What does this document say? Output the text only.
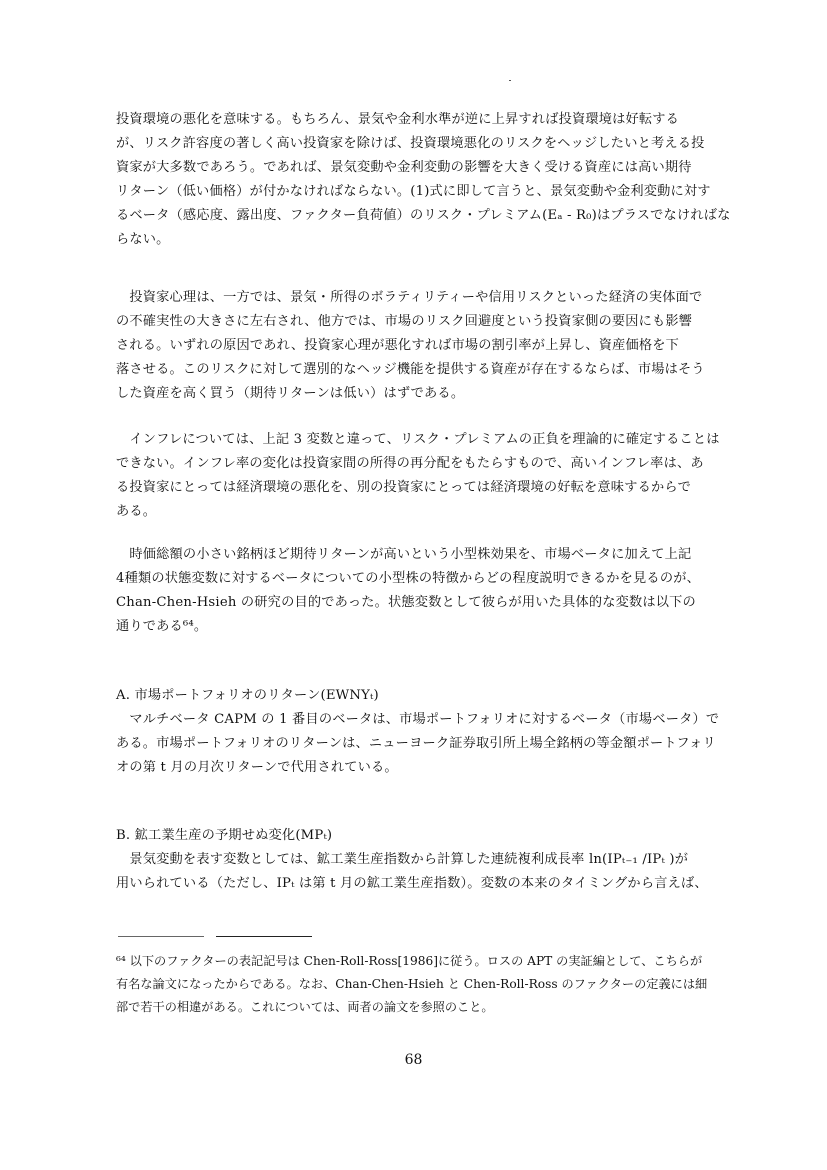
投資環境の悪化を意味する。もちろん、景気や金利水準が逆に上昇すれば投資環境は好転する
が、リスク許容度の著しく高い投資家を除けば、投資環境悪化のリスクをヘッジしたいと考える投
資家が大多数であろう。であれば、景気変動や金利変動の影響を大きく受ける資産には高い期待
リターン（低い価格）が付かなければならない。(1)式に即して言うと、景気変動や金利変動に対す
るベータ（感応度、露出度、ファクター負荷値）のリスク・プレミアム(Eₐ - R₀)はプラスでなければな
らない。
　投資家心理は、一方では、景気・所得のボラティリティーや信用リスクといった経済の実体面で
の不確実性の大きさに左右され、他方では、市場のリスク回避度という投資家側の要因にも影響
される。いずれの原因であれ、投資家心理が悪化すれば市場の割引率が上昇し、資産価格を下
落させる。このリスクに対して選別的なヘッジ機能を提供する資産が存在するならば、市場はそう
した資産を高く買う（期待リターンは低い）はずである。
　インフレについては、上記 3 変数と違って、リスク・プレミアムの正負を理論的に確定することは
できない。インフレ率の変化は投資家間の所得の再分配をもたらすもので、高いインフレ率は、あ
る投資家にとっては経済環境の悪化を、別の投資家にとっては経済環境の好転を意味するからで
ある。
　時価総額の小さい銘柄ほど期待リターンが高いという小型株効果を、市場ベータに加えて上記
4種類の状態変数に対するベータについての小型株の特徴からどの程度説明できるかを見るのが、
Chan-Chen-Hsieh の研究の目的であった。状態変数として彼らが用いた具体的な変数は以下の
通りである⁶⁴。
A. 市場ポートフォリオのリターン(EWNYₜ)
　マルチベータ CAPM の 1 番目のベータは、市場ポートフォリオに対するベータ（市場ベータ）で
ある。市場ポートフォリオのリターンは、ニューヨーク証券取引所上場全銘柄の等金額ポートフォリ
オの第 t 月の月次リターンで代用されている。
B. 鉱工業生産の予期せぬ変化(MPₜ)
　景気変動を表す変数としては、鉱工業生産指数から計算した連続複利成長率 ln(IPₜ₋₁ /IPₜ )が
用いられている（ただし、IPₜ は第 t 月の鉱工業生産指数）。変数の本来のタイミングから言えば、
⁶⁴ 以下のファクターの表記記号は Chen-Roll-Ross[1986]に従う。ロスの APT の実証編として、こちらが
有名な論文になったからである。なお、Chan-Chen-Hsieh と Chen-Roll-Ross のファクターの定義には細
部で若干の相違がある。これについては、両者の論文を参照のこと。
68
